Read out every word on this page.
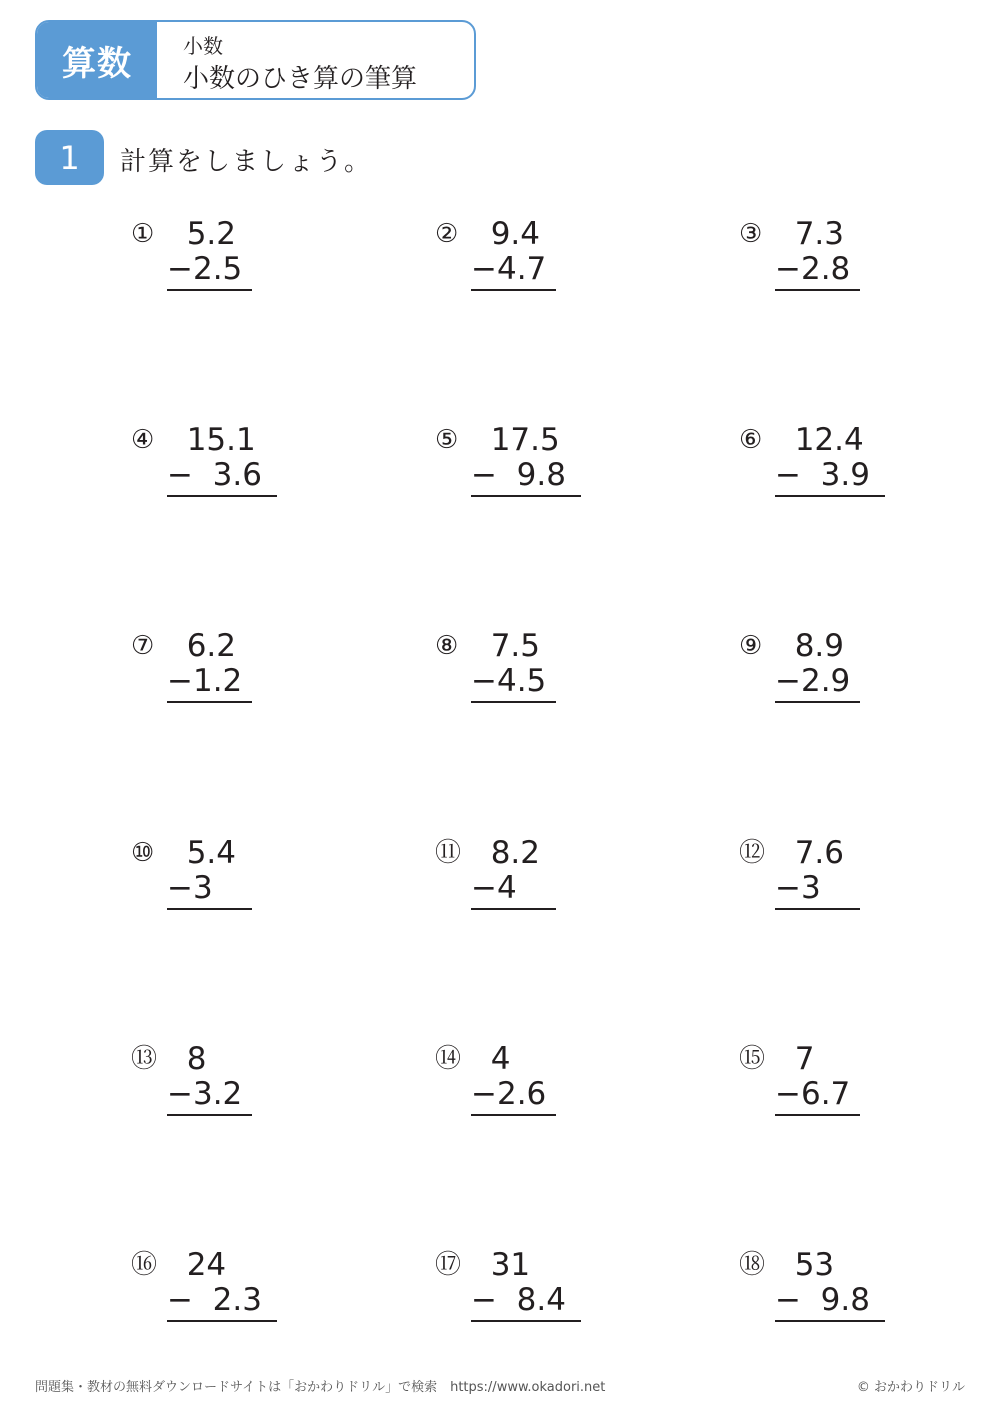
算数	小数
小数のひき算の筆算
1	計算をしましょう。
① 5.2
−2.5
② 9.4
−4.7
③ 7.3
−2.8
④ 15.1
−  3.6
⑤ 17.5
−  9.8
⑥ 12.4
−  3.9
⑦ 6.2
−1.2
⑧ 7.5
−4.5
⑨ 8.9
−2.9
⑩ 5.4
−3
⑪ 8.2
−4
⑫ 7.6
−3
⑬ 8
−3.2
⑭ 4
−2.6
⑮ 7
−6.7
⑯ 24
−  2.3
⑰ 31
−  8.4
⑱ 53
−  9.8
問題集・教材の無料ダウンロードサイトは「おかわりドリル」で検索　https://www.okadori.net	© おかわりドリル
